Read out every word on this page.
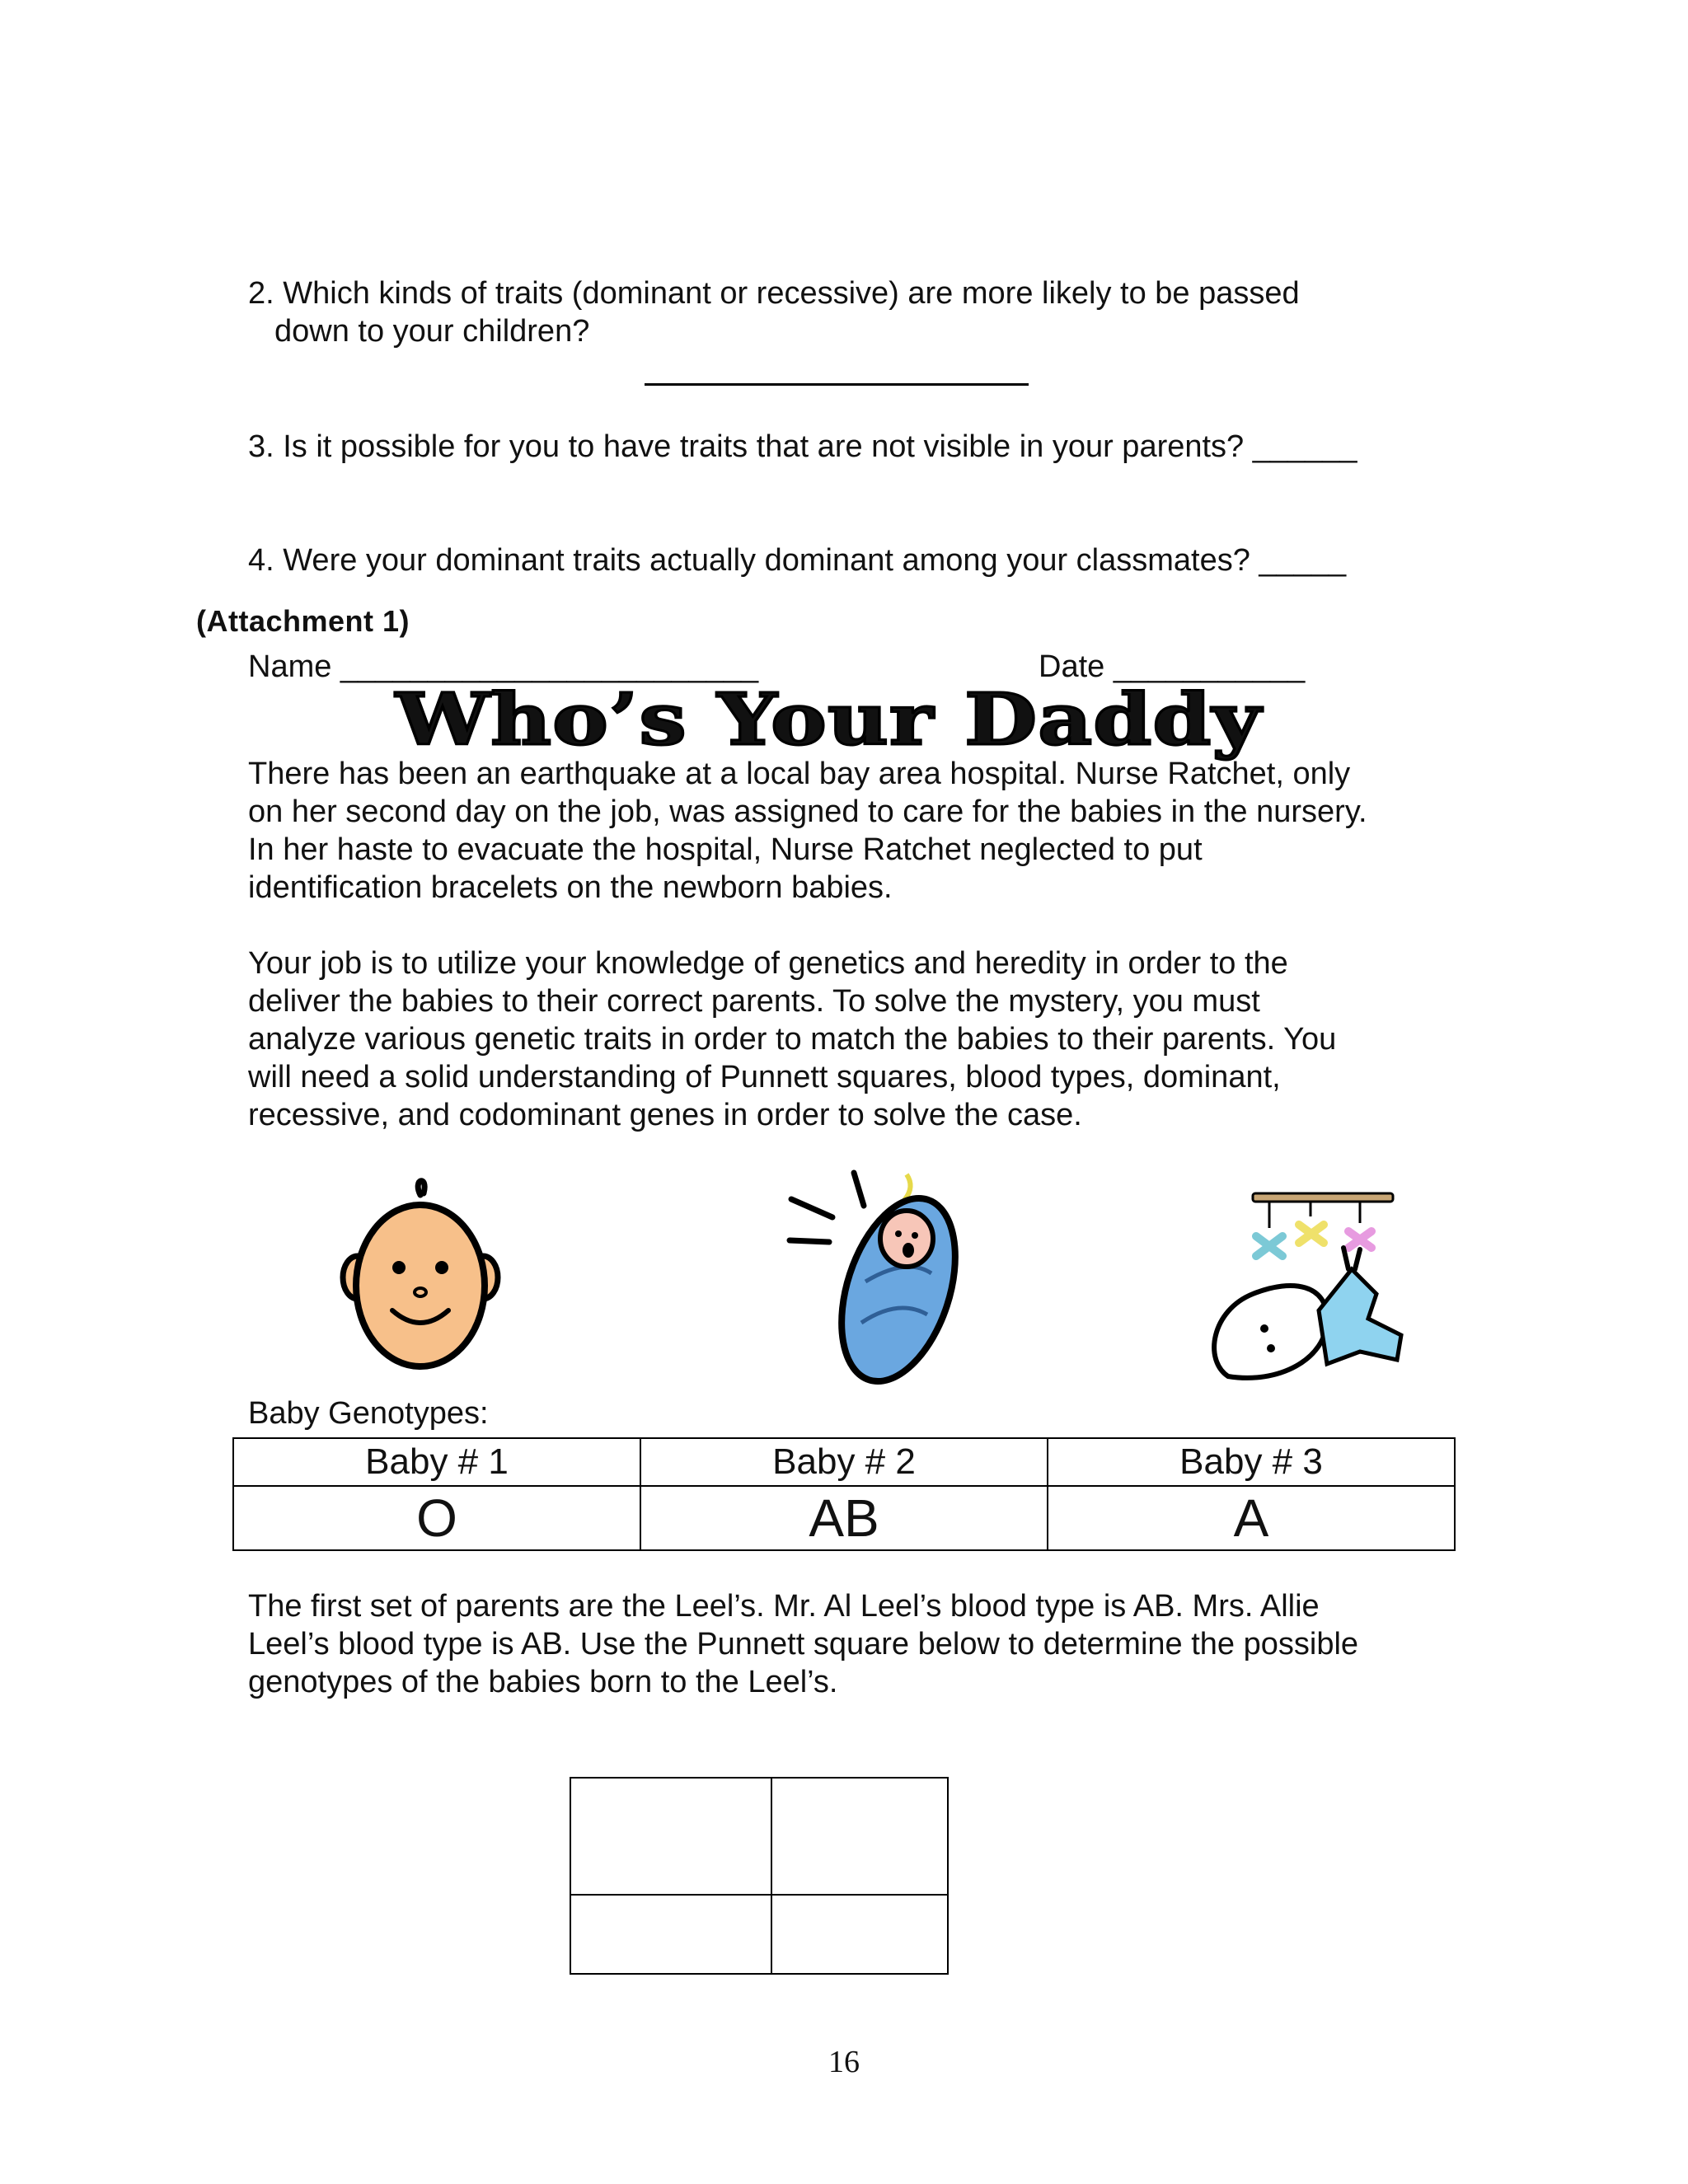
2. Which kinds of traits (dominant or recessive) are more likely to be passed
down to your children?
3. Is it possible for you to have traits that are not visible in your parents? ______
4. Were your dominant traits actually dominant among your classmates? _____
(Attachment 1)
Name ________________________	Date ___________
Who’s Your Daddy
There has been an earthquake at a local bay area hospital. Nurse Ratchet, only
on her second day on the job, was assigned to care for the babies in the nursery.
In her haste to evacuate the hospital, Nurse Ratchet neglected to put
identification bracelets on the newborn babies.
Your job is to utilize your knowledge of genetics and heredity in order to the
deliver the babies to their correct parents. To solve the mystery, you must
analyze various genetic traits in order to match the babies to their parents. You
will need a solid understanding of Punnett squares, blood types, dominant,
recessive, and codominant genes in order to solve the case.
Baby Genotypes:
Baby # 1	Baby # 2	Baby # 3
O	AB	A
The first set of parents are the Leel’s. Mr. Al Leel’s blood type is AB. Mrs. Allie
Leel’s blood type is AB. Use the Punnett square below to determine the possible
genotypes of the babies born to the Leel’s.

16
